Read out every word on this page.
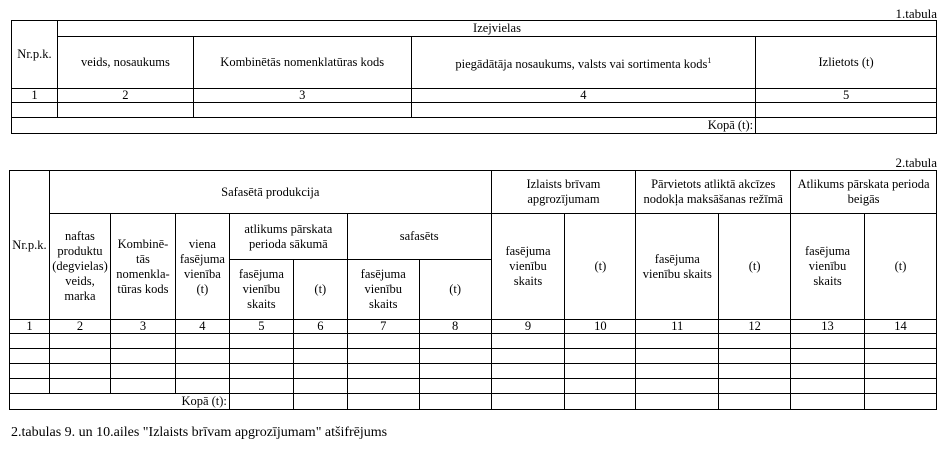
1.tabula
Nr.p.k.	Izejvielas			
	veids, nosaukums	Kombinētās nomenklatūras kods	piegādātāja nosaukums, valsts vai sortimenta kods$^1$	Izlietots (t)
1	2	3	4	5

Kopā (t):				
2.tabula
Nr.p.k.	Safasētā produkcija							Izlaists brīvam apgrozījumam		Pārvietots atliktā akcīzes nodokļa maksāšanas režīmā		Atlikums pārskata perioda beigās	
	naftas produktu (degvielas) veids, marka	Kombinē-tās nomenkla-tūras kods	viena fasējuma vienība (t)	atlikums pārskata perioda sākumā		safasēts		fasējuma vienību skaits	(t)	fasējuma vienību skaits	(t)	fasējuma vienību skaits	(t)
				fasējuma vienību skaits	(t)	fasējuma vienību skaits	(t)						
1	2	3	4	5	6	7	8	9	10	11	12	13	14

Kopā (t):													
2.tabulas 9. un 10.ailes "Izlaists brīvam apgrozījumam" atšifrējums
